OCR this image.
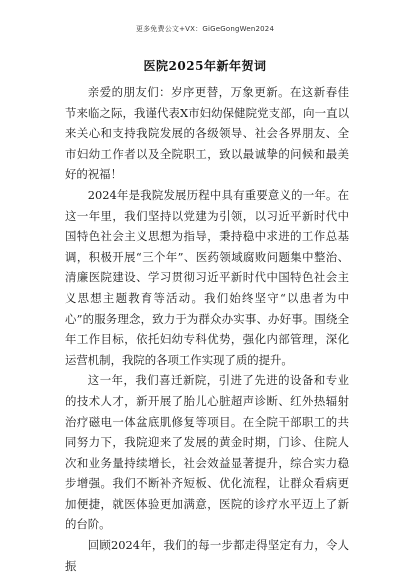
更多免费公文+VX：GiGeGongWen2024
医院2025年新年贺词

亲爱的朋友们：岁序更替，万象更新。在这新春佳节来临之际，我谨代表X市妇幼保健院党支部，向一直以来关心和支持我院发展的各级领导、社会各界朋友、全市妇幼工作者以及全院职工，致以最诚挚的问候和最美好的祝福！

2024年是我院发展历程中具有重要意义的一年。在这一年里，我们坚持以党建为引领，以习近平新时代中国特色社会主义思想为指导，秉持稳中求进的工作总基调，积极开展“三个年”、医药领域腐败问题集中整治、清廉医院建设、学习贯彻习近平新时代中国特色社会主义思想主题教育等活动。我们始终坚守“以患者为中心”的服务理念，致力于为群众办实事、办好事。围绕全年工作目标，依托妇幼专科优势，强化内部管理，深化运营机制，我院的各项工作实现了质的提升。

这一年，我们喜迁新院，引进了先进的设备和专业的技术人才，新开展了胎儿心脏超声诊断、红外热辐射治疗磁电一体盆底肌修复等项目。在全院干部职工的共同努力下，我院迎来了发展的黄金时期，门诊、住院人次和业务量持续增长，社会效益显著提升，综合实力稳步增强。我们不断补齐短板、优化流程，让群众看病更加便捷，就医体验更加满意，医院的诊疗水平迈上了新的台阶。

回顾2024年，我们的每一步都走得坚定有力，令人振
